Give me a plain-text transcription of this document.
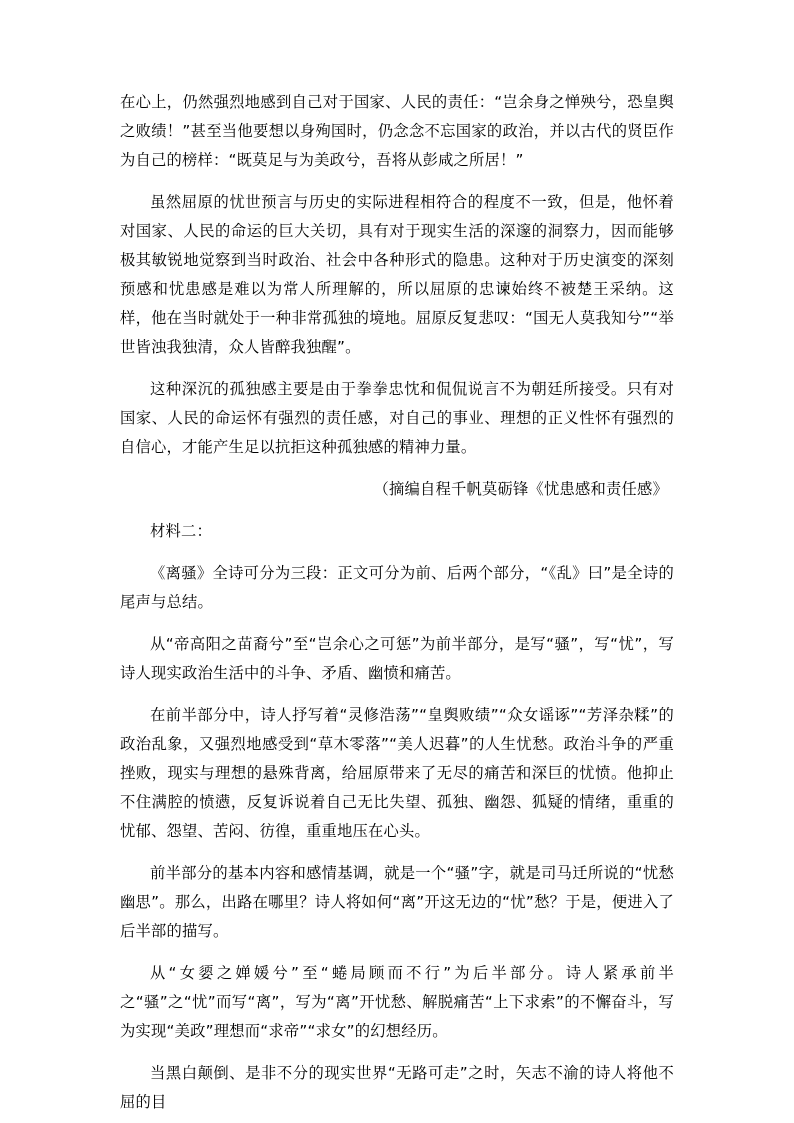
在心上，仍然强烈地感到自己对于国家、人民的责任：“岂余身之惮殃兮，恐皇舆之败绩！”甚至当他要想以身殉国时，仍念念不忘国家的政治，并以古代的贤臣作为自己的榜样：“既莫足与为美政兮，吾将从彭咸之所居！”

虽然屈原的忧世预言与历史的实际进程相符合的程度不一致，但是，他怀着对国家、人民的命运的巨大关切，具有对于现实生活的深邃的洞察力，因而能够极其敏锐地觉察到当时政治、社会中各种形式的隐患。这种对于历史演变的深刻预感和忧患感是难以为常人所理解的，所以屈原的忠谏始终不被楚王采纳。这样，他在当时就处于一种非常孤独的境地。屈原反复悲叹：“国无人莫我知兮”“举世皆浊我独清，众人皆醉我独醒”。

这种深沉的孤独感主要是由于拳拳忠忱和侃侃说言不为朝廷所接受。只有对国家、人民的命运怀有强烈的责任感，对自己的事业、理想的正义性怀有强烈的自信心，才能产生足以抗拒这种孤独感的精神力量。

（摘编自程千帆莫砺锋《忧患感和责任感》

材料二：

《离骚》全诗可分为三段：正文可分为前、后两个部分，“《乱》曰”是全诗的尾声与总结。

从“帝高阳之苗裔兮”至“岂余心之可惩”为前半部分，是写“骚”，写“忧”，写诗人现实政治生活中的斗争、矛盾、幽愤和痛苦。

在前半部分中，诗人抒写着“灵修浩荡”“皇舆败绩”“众女谣诼”“芳泽杂糅”的政治乱象，又强烈地感受到“草木零落”“美人迟暮”的人生忧愁。政治斗争的严重挫败，现实与理想的悬殊背离，给屈原带来了无尽的痛苦和深巨的忧愤。他抑止不住满腔的愤懑，反复诉说着自己无比失望、孤独、幽怨、狐疑的情绪，重重的忧郁、怨望、苦闷、彷徨，重重地压在心头。

前半部分的基本内容和感情基调，就是一个“骚”字，就是司马迁所说的“忧愁幽思”。那么，出路在哪里？诗人将如何“离”开这无边的“忧”愁？于是，便进入了后半部的描写。

从“女媭之婵媛兮”至“蜷局顾而不行”为后半部分。诗人紧承前半之“骚”之“忧”而写“离”，写为“离”开忧愁、解脱痛苦“上下求索”的不懈奋斗，写为实现“美政”理想而“求帝”“求女”的幻想经历。

当黑白颠倒、是非不分的现实世界“无路可走”之时，矢志不渝的诗人将他不屈的目
